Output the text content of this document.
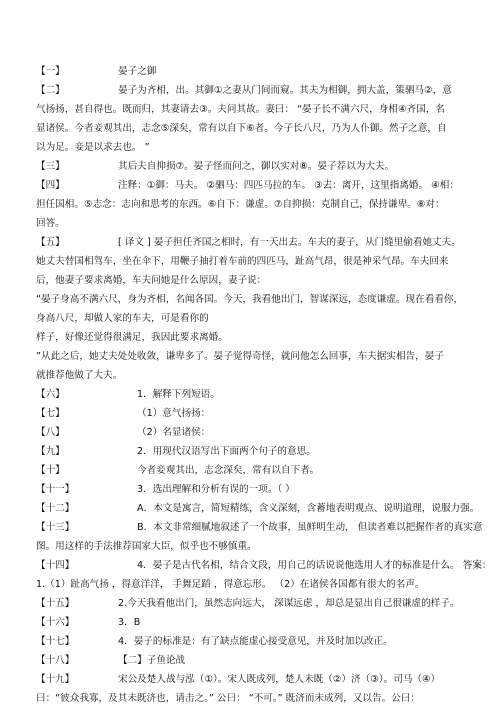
【一】	晏子之御
【二】	晏子为齐相，出。其御①之妻从门间而窥。其夫为相御，拥大盖，策驷马②，意
气扬扬，甚自得也。既而归，其妻请去③。夫问其故。妻曰： “晏子长不满六尺，身相④齐国，名
显诸侯。今者妾观其出，志念⑤深矣，常有以自下⑥者。今子长八尺，乃为人仆御。然子之意，自
以为足。妾是以求去也。 ”
【三】	其后夫自抑损⑦。晏子怪而问之，御以实对⑧。晏子荐以为大夫。
【四】	注释：①御：马夫。 ②驷马：四匹马拉的车。 ③去：离开，这里指离婚。 ④相：
担任国相。⑤志念：志向和思考的东西。⑥自下：谦虚。⑦自抑损：克制自己，保持谦卑。⑧对：
回答。
【五】	[ 译文 ] 晏子担任齐国之相时，有一天出去。车夫的妻子，从门缝里偷看她丈夫。
她丈夫替国相驾车，坐在伞下，用鞭子抽打着车前的四匹马，趾高气昂，很是神采气昂。车夫回来
后，他妻子要求离婚，车夫问她是什么原因，妻子说：
“晏子身高不满六尺，身为齐相，名闻各国。今天，我看他出门，智谋深远，态度谦虚。现在看看你，
身高八尺，却做人家的车夫，可是看你的
样子，好像还觉得很满足，我因此要求离婚。
”从此之后，她丈夫处处收敛，谦卑多了。晏子觉得奇怪，就问他怎么回事，车夫据实相告，晏子
就推荐他做了大夫。
【六】	1．解释下列短语。
【七】	（1）意气扬扬：
【八】	（2）名显诸侯：
【九】	2．用现代汉语写出下面两个句子的意思。
【十】	今者妾观其出，志念深矣，常有以自下者。
【十一】	3．选出理解和分析有误的一项。（ ）
【十二】	A．本文是寓言，简短精练，含义深刻，含蓄地表明观点、说明道理，说服力强。
【十三】	B．本文非常细腻地叙述了一个故事，虽鲜明生动， 但读者难以把握作者的真实意
图。用这样的手法推荐国家大臣，似乎也不够慎重。
【十四】	4．晏子是古代名相，结合文段，用自己的话说说他选用人才的标准是什么。 答案：
1.（1）趾高气扬 ，得意洋洋， 手舞足蹈 ，得意忘形。 （2）在诸侯各国都有很大的名声。
【十五】	2.今天我看他出门，虽然志向远大， 深谋远虑 ，却总是显出自己很谦虚的样子。
【十六】	3．B
【十七】	4．晏子的标准是：有了缺点能虚心接受意见，并及时加以改正。
【十八】	【二】子鱼论战
【十九】	宋公及楚人战与泓（①）。宋人既成列，楚人未既（②）济（③）。司马（④）
曰：“彼众我寡，及其未既济也，请击之。” 公曰： “不可。” 既济而未成列，又以告。公曰：
